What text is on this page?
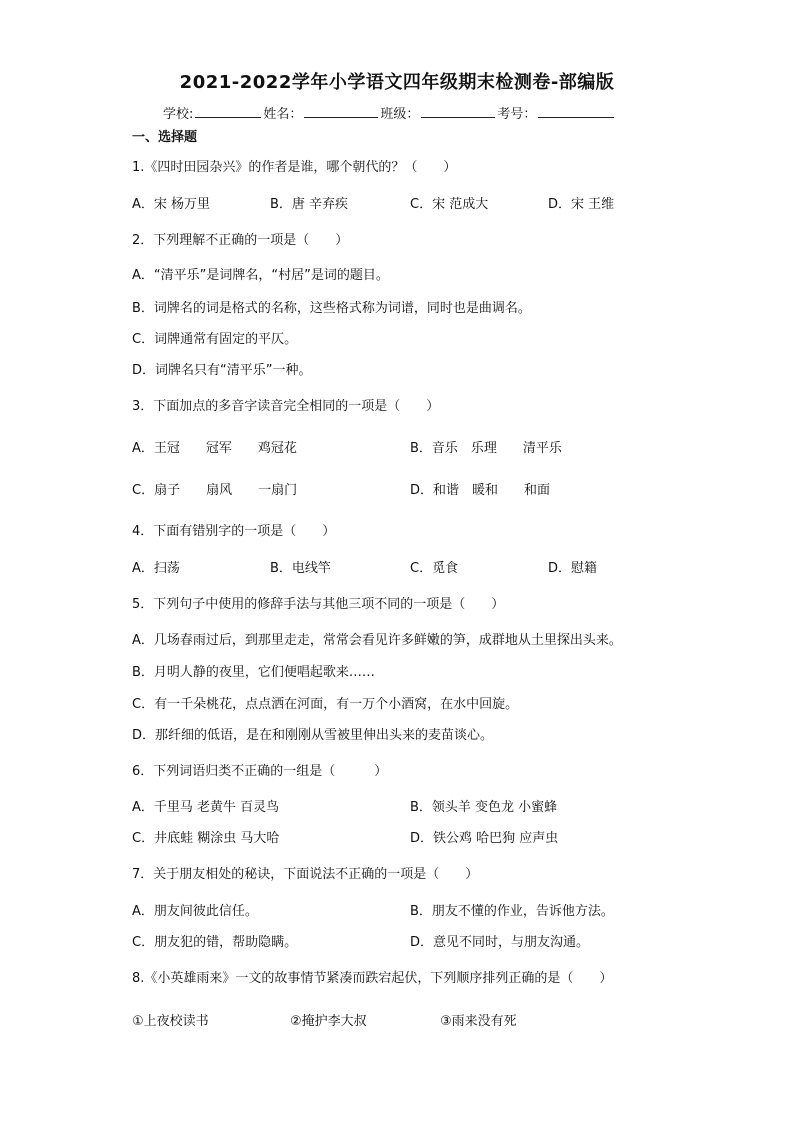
2021-2022学年小学语文四年级期末检测卷-部编版
学校:	姓名：	班级：	考号：
一、选择题
1.《四时田园杂兴》的作者是谁，哪个朝代的？（　　）
A．宋 杨万里	B．唐 辛弃疾	C．宋 范成大	D．宋 王维
2．下列理解不正确的一项是（　　）
A．“清平乐”是词牌名，“村居”是词的题目。
B．词牌名的词是格式的名称，这些格式称为词谱，同时也是曲调名。
C．词牌通常有固定的平仄。
D．词牌名只有“清平乐”一种。
3．下面加点的多音字读音完全相同的一项是（　　）
A．王冠　　冠军　　鸡冠花	B．音乐　乐理　　清平乐
C．扇子　　扇风　　一扇门	D．和谐　暖和　　和面
4．下面有错别字的一项是（　　）
A．扫荡	B．电线竿	C．觅食	D．慰籍
5．下列句子中使用的修辞手法与其他三项不同的一项是（　　）
A．几场春雨过后，到那里走走，常常会看见许多鲜嫩的笋，成群地从土里探出头来。
B．月明人静的夜里，它们便唱起歌来……
C．有一千朵桃花，点点洒在河面，有一万个小酒窝，在水中回旋。
D．那纤细的低语，是在和刚刚从雪被里伸出头来的麦苗谈心。
6．下列词语归类不正确的一组是（　　　）
A．千里马 老黄牛 百灵鸟	B．领头羊 变色龙 小蜜蜂
C．井底蛙 糊涂虫 马大哈	D．铁公鸡 哈巴狗 应声虫
7．关于朋友相处的秘诀，下面说法不正确的一项是（　　）
A．朋友间彼此信任。	B．朋友不懂的作业，告诉他方法。
C．朋友犯的错，帮助隐瞒。	D．意见不同时，与朋友沟通。
8.《小英雄雨来》一文的故事情节紧凑而跌宕起伏，下列顺序排列正确的是（　　）
①上夜校读书	②掩护李大叔	③雨来没有死
